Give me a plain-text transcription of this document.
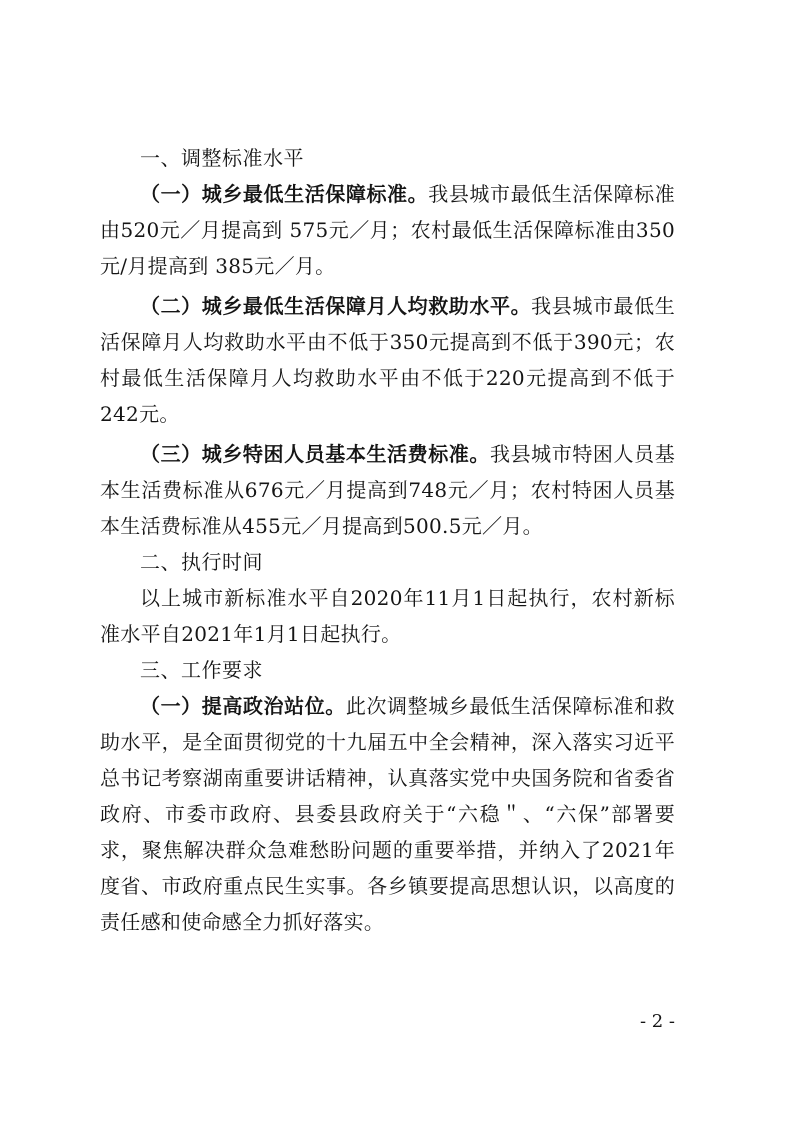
一、调整标准水平

（一）城乡最低生活保障标准。我县城市最低生活保障标准由520元／月提高到 575元／月；农村最低生活保障标准由350元/月提高到 385元／月。

（二）城乡最低生活保障月人均救助水平。我县城市最低生活保障月人均救助水平由不低于350元提高到不低于390元；农村最低生活保障月人均救助水平由不低于220元提高到不低于242元。

（三）城乡特困人员基本生活费标准。我县城市特困人员基本生活费标准从676元／月提高到748元／月；农村特困人员基本生活费标准从455元／月提高到500.5元／月。

二、执行时间

以上城市新标准水平自2020年11月1日起执行，农村新标准水平自2021年1月1日起执行。

三、工作要求

（一）提高政治站位。此次调整城乡最低生活保障标准和救助水平，是全面贯彻党的十九届五中全会精神，深入落实习近平总书记考察湖南重要讲话精神，认真落实党中央国务院和省委省政府、市委市政府、县委县政府关于“六稳＂、“六保”部署要求，聚焦解决群众急难愁盼问题的重要举措，并纳入了2021年度省、市政府重点民生实事。各乡镇要提高思想认识，以高度的责任感和使命感全力抓好落实。

- 2 -
